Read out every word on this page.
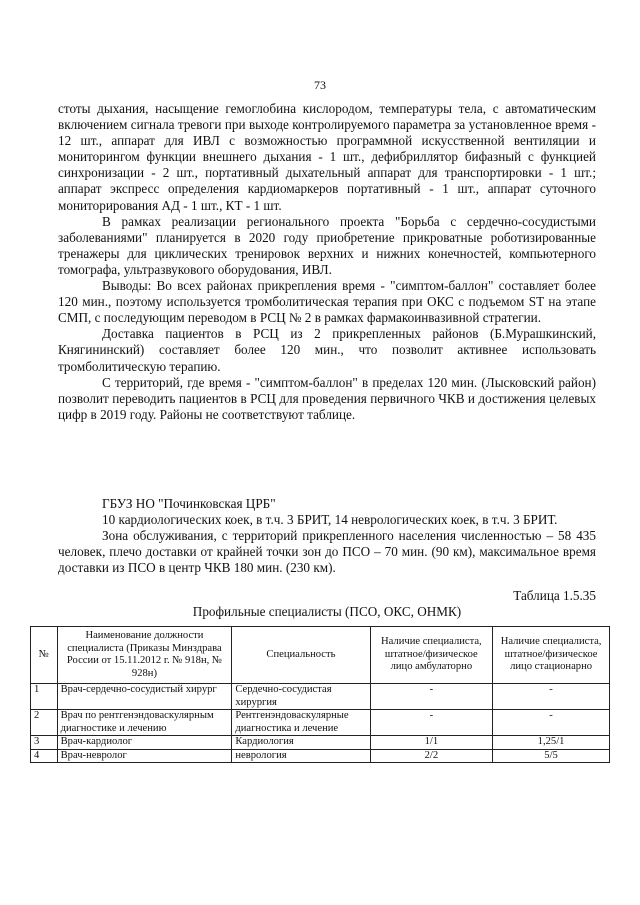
73

стоты дыхания, насыщение гемоглобина кислородом, температуры тела, с автоматическим включением сигнала тревоги при выходе контролируемого параметра за установленное время - 12 шт., аппарат для ИВЛ с возможностью программной искусственной вентиляции и мониторингом функции внешнего дыхания - 1 шт., дефибриллятор бифазный с функцией синхронизации - 2 шт., портативный дыхательный аппарат для транспортировки - 1 шт.; аппарат экспресс определения кардиомаркеров портативный - 1 шт., аппарат суточного мониторирования АД - 1 шт., КТ - 1 шт.

В рамках реализации регионального проекта "Борьба с сердечно-сосудистыми заболеваниями" планируется в 2020 году приобретение прикроватные роботизированные тренажеры для циклических тренировок верхних и нижних конечностей, компьютерного томографа, ультразвукового оборудования, ИВЛ.

Выводы: Во всех районах прикрепления время - "симптом-баллон" составляет более 120 мин., поэтому используется тромболитическая терапия при ОКС с подъемом ST на этапе СМП, с последующим переводом в РСЦ № 2 в рамках фармакоинвазивной стратегии.

Доставка пациентов в РСЦ из 2 прикрепленных районов (Б.Мурашкинский, Княгининский) составляет более 120 мин., что позволит активнее использовать тромболитическую терапию.

С территорий, где время - "симптом-баллон" в пределах 120 мин. (Лысковский район) позволит переводить пациентов в РСЦ для проведения первичного ЧКВ и достижения целевых цифр в 2019 году. Районы не соответствуют таблице.

ГБУЗ НО "Починковская ЦРБ"

10 кардиологических коек, в т.ч. 3 БРИТ, 14 неврологических коек, в т.ч. 3 БРИТ.

Зона обслуживания, с территорий прикрепленного населения численностью – 58 435 человек, плечо доставки от крайней точки зон до ПСО – 70 мин. (90 км), максимальное время доставки из ПСО в центр ЧКВ 180 мин. (230 км).

Таблица 1.5.35
Профильные специалисты (ПСО, ОКС, ОНМК)
№	Наименование должности специалиста (Приказы Минздрава России от 15.11.2012 г. № 918н, № 928н)	Специальность	Наличие специалиста, штатное/физическое лицо амбулаторно	Наличие специалиста, штатное/физическое лицо стационарно
1	Врач-сердечно-сосудистый хирург	Сердечно-сосудистая хирургия	-	-
2	Врач по рентгенэндоваскулярным диагностике и лечению	Рентгенэндоваскулярные диагностика и лечение	-	-
3	Врач-кардиолог	Кардиология	1/1	1,25/1
4	Врач-невролог	неврология	2/2	5/5
